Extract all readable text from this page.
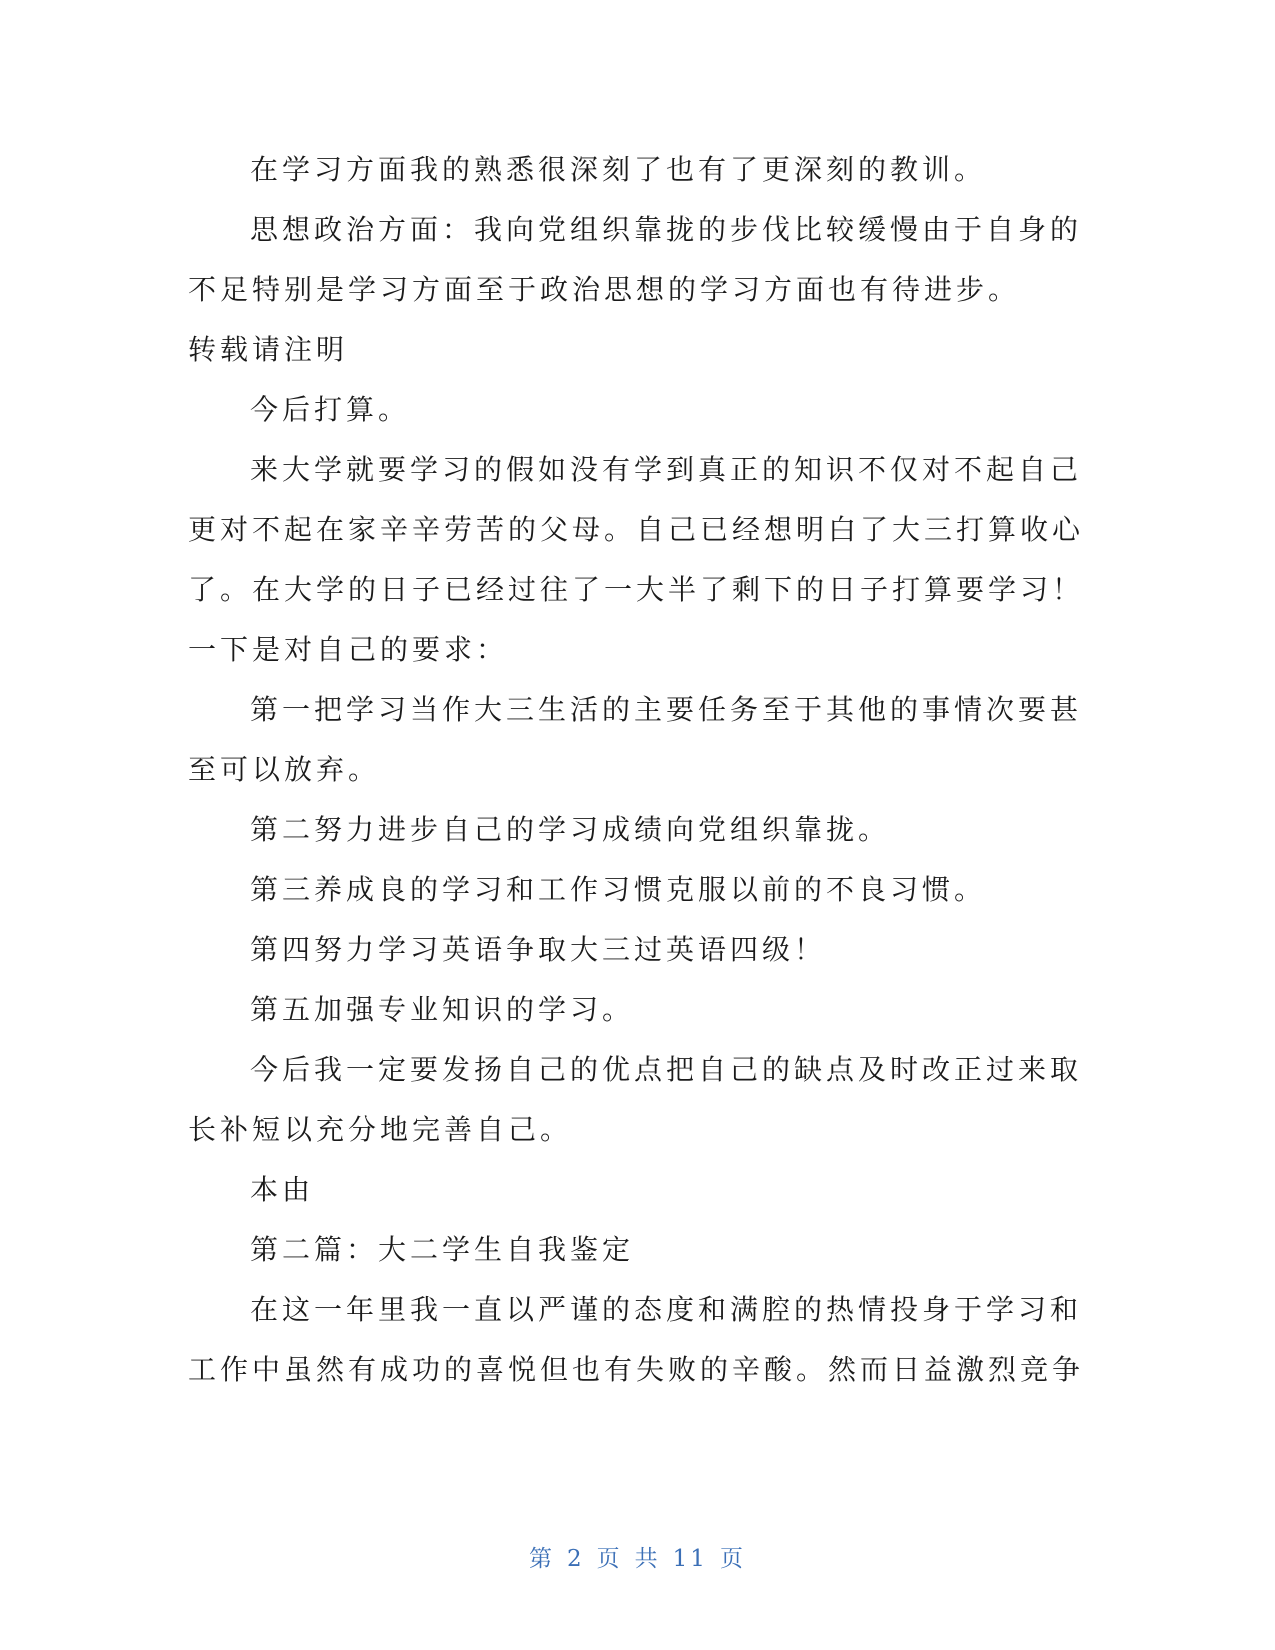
在学习方面我的熟悉很深刻了也有了更深刻的教训。
思想政治方面：我向党组织靠拢的步伐比较缓慢由于自身的
不足特别是学习方面至于政治思想的学习方面也有待进步。
转载请注明
今后打算。
来大学就要学习的假如没有学到真正的知识不仅对不起自己
更对不起在家辛辛劳苦的父母。自己已经想明白了大三打算收心
了。在大学的日子已经过往了一大半了剩下的日子打算要学习！
一下是对自己的要求：
第一把学习当作大三生活的主要任务至于其他的事情次要甚
至可以放弃。
第二努力进步自己的学习成绩向党组织靠拢。
第三养成良的学习和工作习惯克服以前的不良习惯。
第四努力学习英语争取大三过英语四级！
第五加强专业知识的学习。
今后我一定要发扬自己的优点把自己的缺点及时改正过来取
长补短以充分地完善自己。
本由
第二篇：大二学生自我鉴定
在这一年里我一直以严谨的态度和满腔的热情投身于学习和
工作中虽然有成功的喜悦但也有失败的辛酸。然而日益激烈竞争
第 2 页 共 11 页
